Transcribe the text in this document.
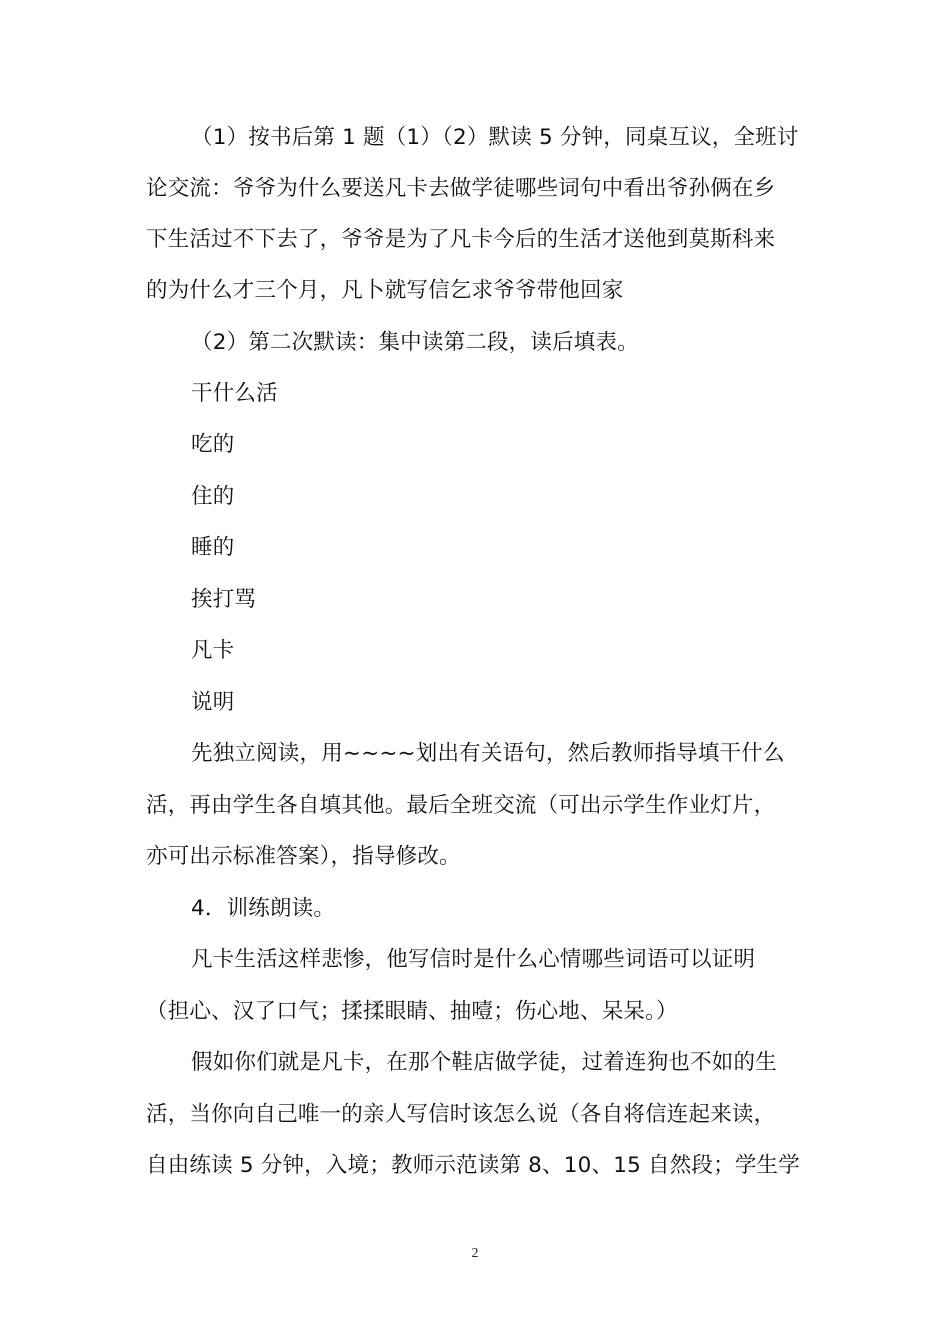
（1）按书后第 1 题（1）（2）默读 5 分钟，同桌互议，全班讨
论交流：爷爷为什么要送凡卡去做学徒哪些词句中看出爷孙俩在乡
下生活过不下去了，爷爷是为了凡卡今后的生活才送他到莫斯科来
的为什么才三个月，凡卜就写信乞求爷爷带他回家
（2）第二次默读：集中读第二段，读后填表。
干什么活
吃的
住的
睡的
挨打骂
凡卡
说明
先独立阅读，用~~~~划出有关语句，然后教师指导填干什么
活，再由学生各自填其他。最后全班交流（可出示学生作业灯片，
亦可出示标准答案），指导修改。
4．训练朗读。
凡卡生活这样悲惨，他写信时是什么心情哪些词语可以证明
（担心、汉了口气；揉揉眼睛、抽噎；伤心地、呆呆。）
假如你们就是凡卡，在那个鞋店做学徒，过着连狗也不如的生
活，当你向自己唯一的亲人写信时该怎么说（各自将信连起来读，
自由练读 5 分钟，入境；教师示范读第 8、10、15 自然段；学生学
2
